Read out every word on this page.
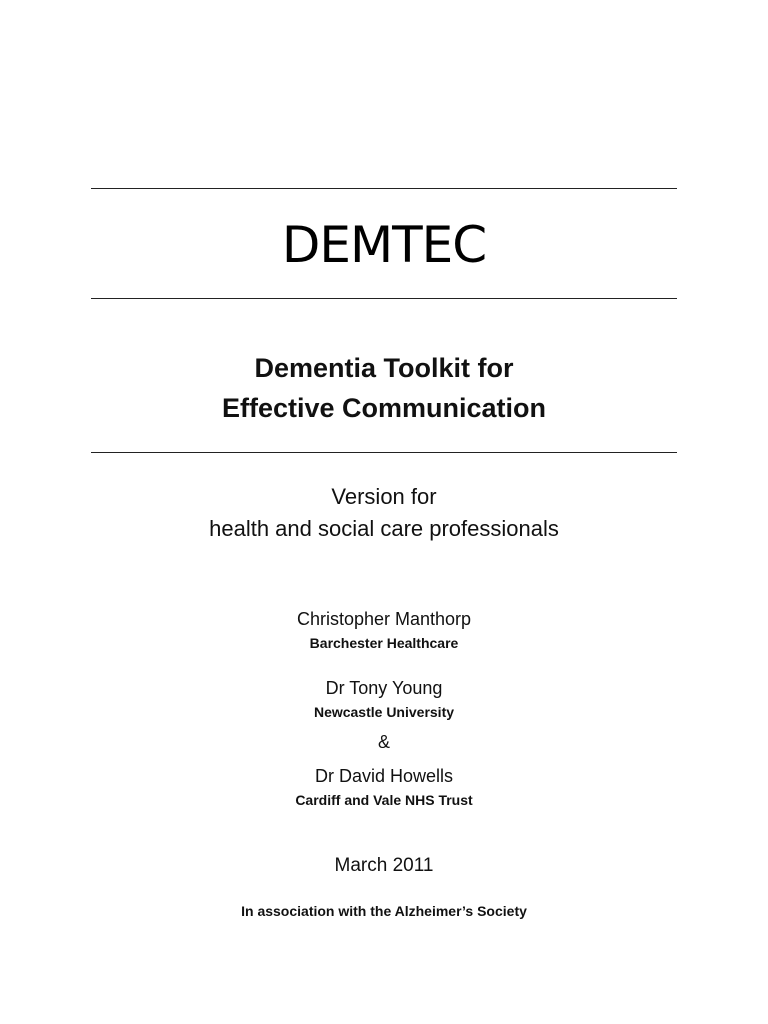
DEMTEC
Dementia Toolkit for
Effective Communication
Version for
health and social care professionals
Christopher Manthorp
Barchester Healthcare
Dr Tony Young
Newcastle University
&
Dr David Howells
Cardiff and Vale NHS Trust
March 2011
In association with the Alzheimer’s Society
